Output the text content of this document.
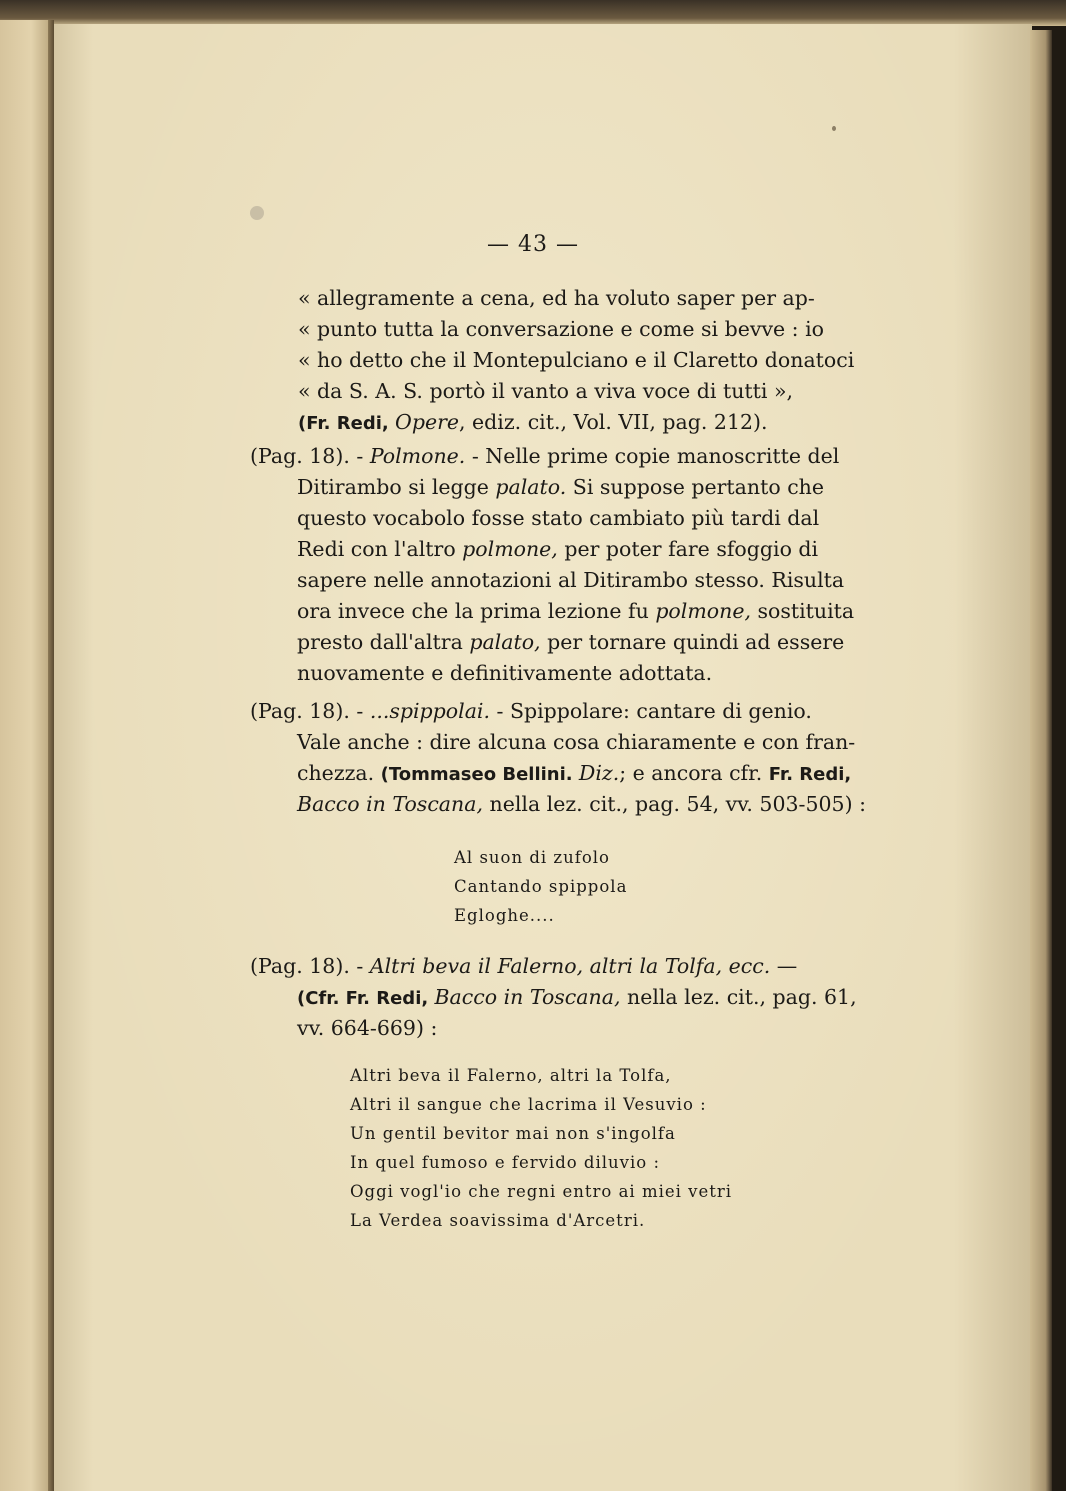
— 43 —
« allegramente a cena, ed ha voluto saper per ap-
« punto tutta la conversazione e come si bevve : io
« ho detto che il Montepulciano e il Claretto donatoci
« da S. A. S. portò il vanto a viva voce di tutti »,
(Fr. Redi, Opere, ediz. cit., Vol. VII, pag. 212).
(Pag. 18). - Polmone. - Nelle prime copie manoscritte del
Ditirambo si legge palato. Si suppose pertanto che
questo vocabolo fosse stato cambiato più tardi dal
Redi con l'altro polmone, per poter fare sfoggio di
sapere nelle annotazioni al Ditirambo stesso. Risulta
ora invece che la prima lezione fu polmone, sostituita
presto dall'altra palato, per tornare quindi ad essere
nuovamente e definitivamente adottata.
(Pag. 18). - ...spippolai. - Spippolare: cantare di genio.
Vale anche : dire alcuna cosa chiaramente e con fran-
chezza. (Tommaseo Bellini. Diz.; e ancora cfr. Fr. Redi,
Bacco in Toscana, nella lez. cit., pag. 54, vv. 503-505) :
Al suon di zufolo
Cantando spippola
Egloghe....
(Pag. 18). - Altri beva il Falerno, altri la Tolfa, ecc. —
(Cfr. Fr. Redi, Bacco in Toscana, nella lez. cit., pag. 61,
vv. 664-669) :
Altri beva il Falerno, altri la Tolfa,
Altri il sangue che lacrima il Vesuvio :
Un gentil bevitor mai non s'ingolfa
In quel fumoso e fervido diluvio :
Oggi vogl'io che regni entro ai miei vetri
La Verdea soavissima d'Arcetri.
